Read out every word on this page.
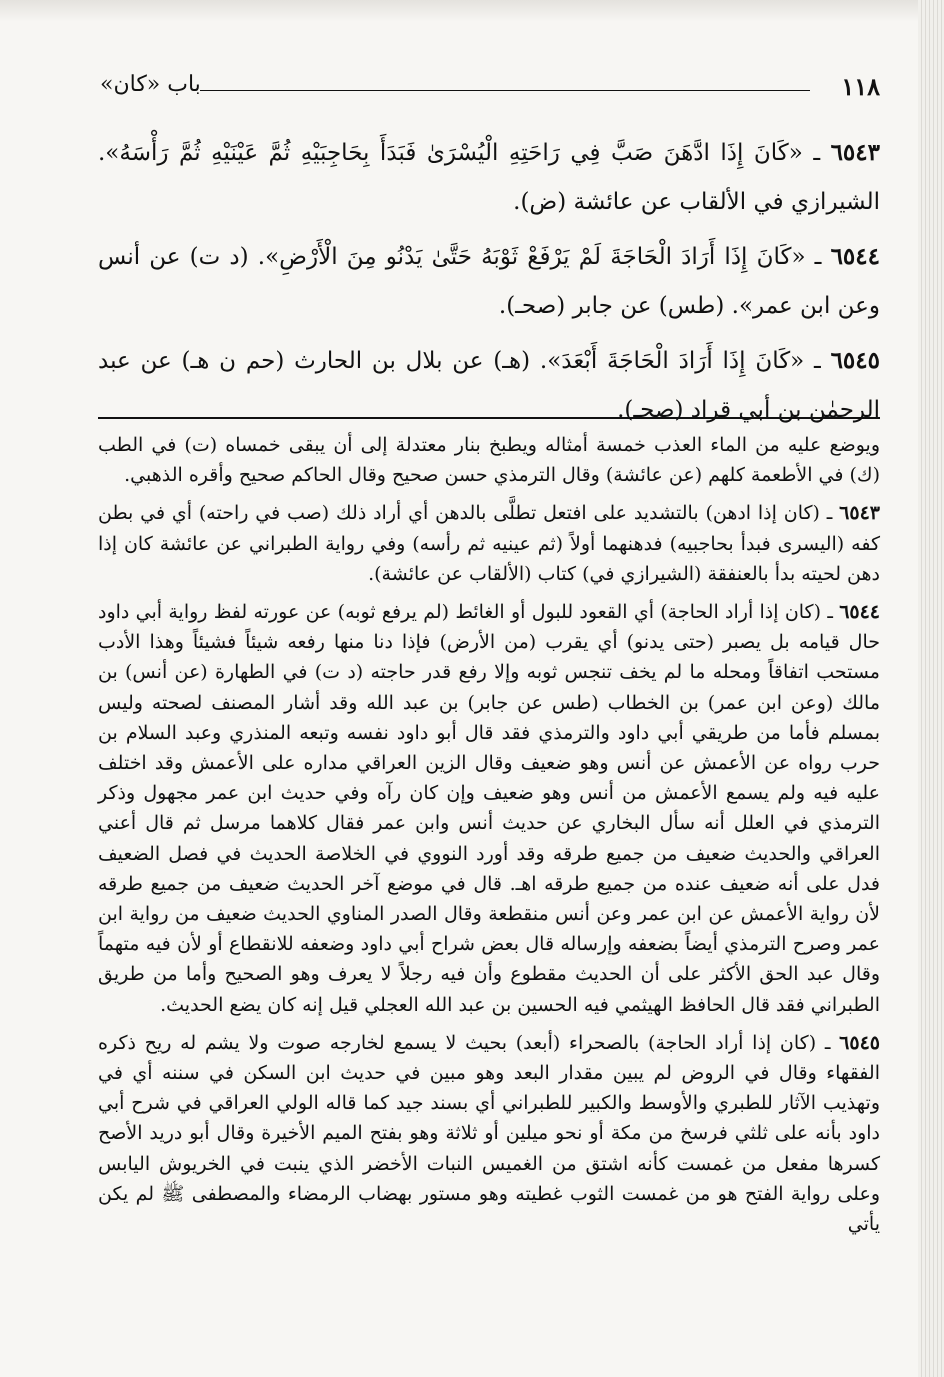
١١٨
باب «كان»

٦٥٤٣ ـ «كَانَ إِذَا ادَّهَنَ صَبَّ فِي رَاحَتِهِ الْيُسْرَىٰ فَبَدَأَ بِحَاجِبَيْهِ ثُمَّ عَيْنَيْهِ ثُمَّ رَأْسَهُ». الشيرازي في الألقاب عن عائشة (ض).

٦٥٤٤ ـ «كَانَ إِذَا أَرَادَ الْحَاجَةَ لَمْ يَرْفَعْ ثَوْبَهُ حَتَّىٰ يَدْنُو مِنَ الْأَرْضِ». (د ت) عن أنس وعن ابن عمر». (طس) عن جابر (صحـ).

٦٥٤٥ ـ «كَانَ إِذَا أَرَادَ الْحَاجَةَ أَبْعَدَ». (هـ) عن بلال بن الحارث (حم ن هـ) عن عبد الرحمٰن بن أبي قراد (صحـ).

ويوضع عليه من الماء العذب خمسة أمثاله ويطبخ بنار معتدلة إلى أن يبقى خمساه (ت) في الطب (ك) في الأطعمة كلهم (عن عائشة) وقال الترمذي حسن صحيح وقال الحاكم صحيح وأقره الذهبي.

٦٥٤٣ ـ (كان إذا ادهن) بالتشديد على افتعل تطلَّى بالدهن أي أراد ذلك (صب في راحته) أي في بطن كفه (اليسرى فبدأ بحاجبيه) فدهنهما أولاً (ثم عينيه ثم رأسه) وفي رواية الطبراني عن عائشة كان إذا دهن لحيته بدأ بالعنفقة (الشيرازي في) كتاب (الألقاب عن عائشة).

٦٥٤٤ ـ (كان إذا أراد الحاجة) أي القعود للبول أو الغائط (لم يرفع ثوبه) عن عورته لفظ رواية أبي داود حال قيامه بل يصبر (حتى يدنو) أي يقرب (من الأرض) فإذا دنا منها رفعه شيئاً فشيئاً وهذا الأدب مستحب اتفاقاً ومحله ما لم يخف تنجس ثوبه وإلا رفع قدر حاجته (د ت) في الطهارة (عن أنس) بن مالك (وعن ابن عمر) بن الخطاب (طس عن جابر) بن عبد الله وقد أشار المصنف لصحته وليس بمسلم فأما من طريقي أبي داود والترمذي فقد قال أبو داود نفسه وتبعه المنذري وعبد السلام بن حرب رواه عن الأعمش عن أنس وهو ضعيف وقال الزين العراقي مداره على الأعمش وقد اختلف عليه فيه ولم يسمع الأعمش من أنس وهو ضعيف وإن كان رآه وفي حديث ابن عمر مجهول وذكر الترمذي في العلل أنه سأل البخاري عن حديث أنس وابن عمر فقال كلاهما مرسل ثم قال أعني العراقي والحديث ضعيف من جميع طرقه وقد أورد النووي في الخلاصة الحديث في فصل الضعيف فدل على أنه ضعيف عنده من جميع طرقه اهـ. قال في موضع آخر الحديث ضعيف من جميع طرقه لأن رواية الأعمش عن ابن عمر وعن أنس منقطعة وقال الصدر المناوي الحديث ضعيف من رواية ابن عمر وصرح الترمذي أيضاً بضعفه وإرساله قال بعض شراح أبي داود وضعفه للانقطاع أو لأن فيه متهماً وقال عبد الحق الأكثر على أن الحديث مقطوع وأن فيه رجلاً لا يعرف وهو الصحيح وأما من طريق الطبراني فقد قال الحافظ الهيثمي فيه الحسين بن عبد الله العجلي قيل إنه كان يضع الحديث.

٦٥٤٥ ـ (كان إذا أراد الحاجة) بالصحراء (أبعد) بحيث لا يسمع لخارجه صوت ولا يشم له ريح ذكره الفقهاء وقال في الروض لم يبين مقدار البعد وهو مبين في حديث ابن السكن في سننه أي في وتهذيب الآثار للطبري والأوسط والكبير للطبراني أي بسند جيد كما قاله الولي العراقي في شرح أبي داود بأنه على ثلثي فرسخ من مكة أو نحو ميلين أو ثلاثة وهو بفتح الميم الأخيرة وقال أبو دريد الأصح كسرها مفعل من غمست كأنه اشتق من الغميس النبات الأخضر الذي ينبت في الخريوش اليابس وعلى رواية الفتح هو من غمست الثوب غطيته وهو مستور بهضاب الرمضاء والمصطفى ﷺ لم يكن يأتي
